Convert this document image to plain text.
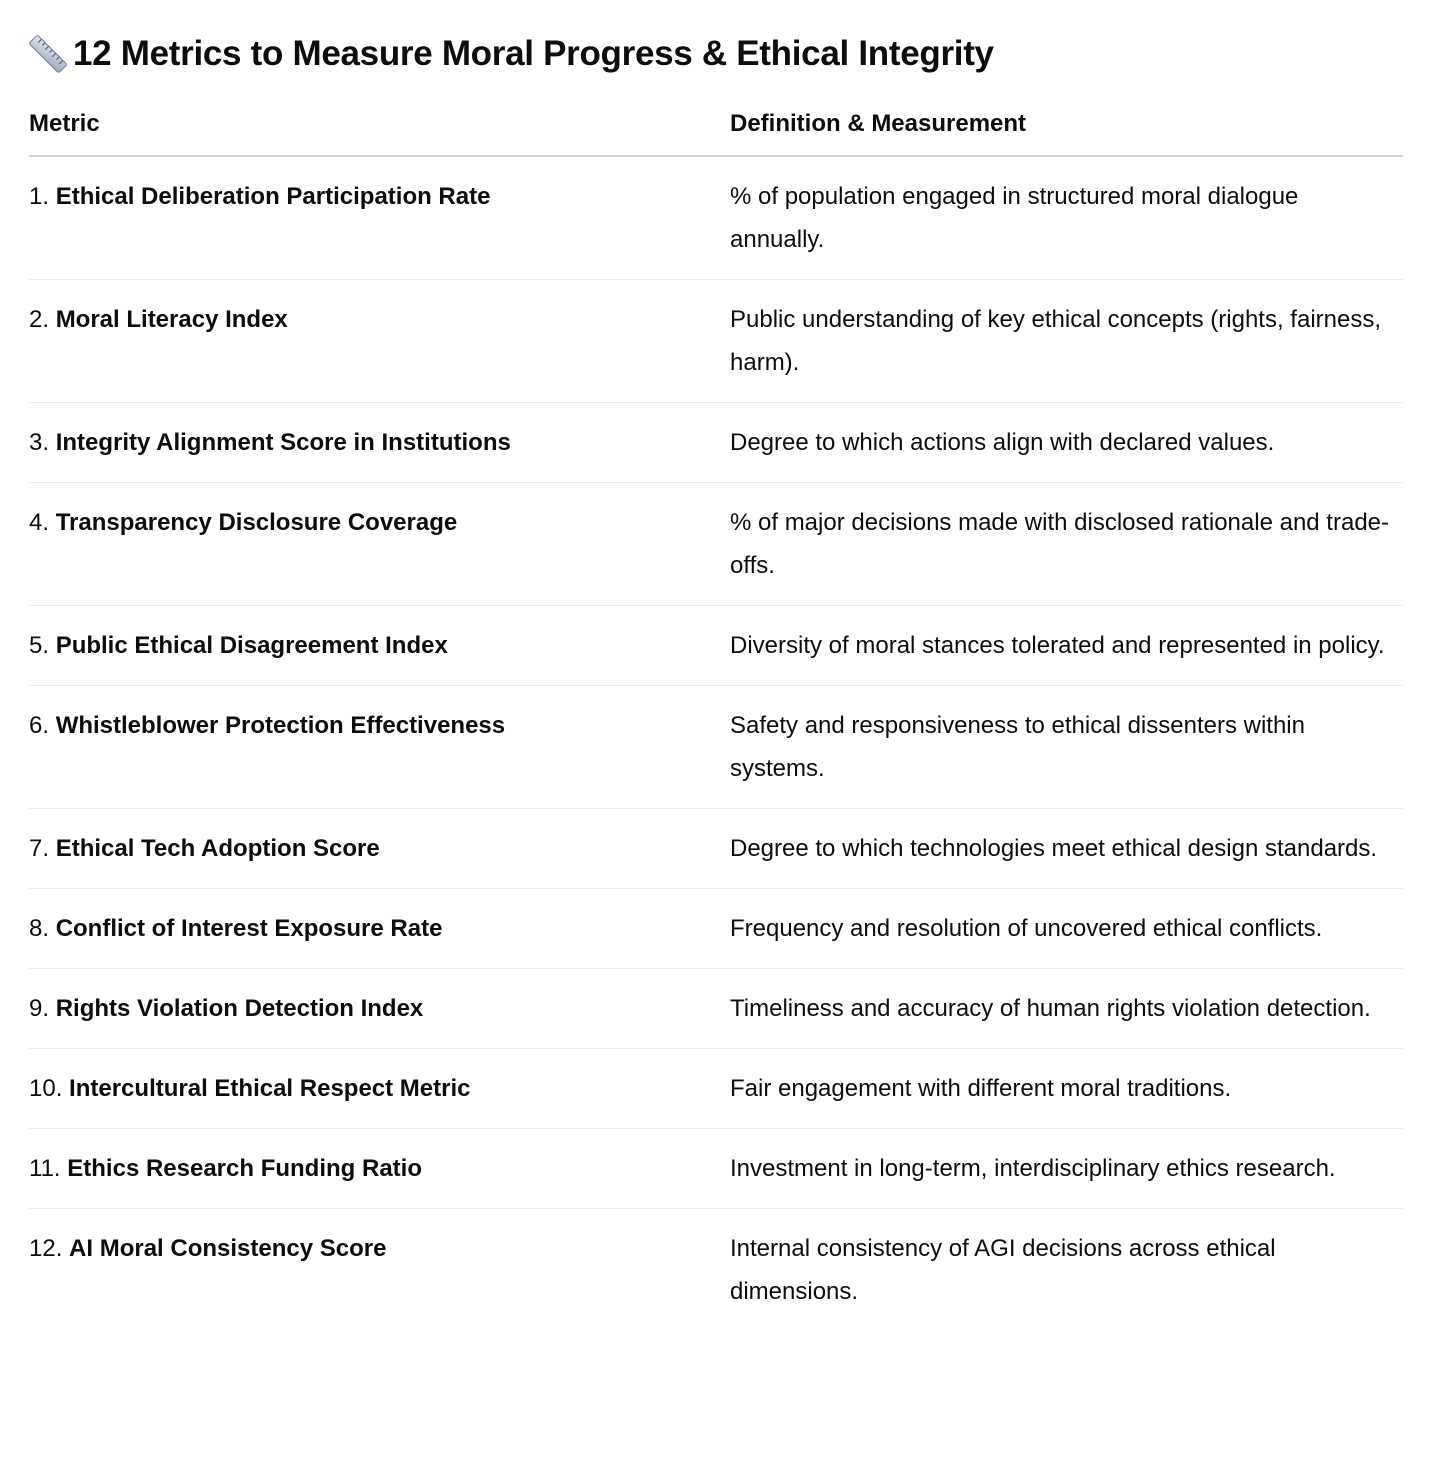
12 Metrics to Measure Moral Progress & Ethical Integrity
Metric	Definition & Measurement
1. Ethical Deliberation Participation Rate	% of population engaged in structured moral dialogue annually.
2. Moral Literacy Index	Public understanding of key ethical concepts (rights, fairness, harm).
3. Integrity Alignment Score in Institutions	Degree to which actions align with declared values.
4. Transparency Disclosure Coverage	% of major decisions made with disclosed rationale and trade-offs.
5. Public Ethical Disagreement Index	Diversity of moral stances tolerated and represented in policy.
6. Whistleblower Protection Effectiveness	Safety and responsiveness to ethical dissenters within systems.
7. Ethical Tech Adoption Score	Degree to which technologies meet ethical design standards.
8. Conflict of Interest Exposure Rate	Frequency and resolution of uncovered ethical conflicts.
9. Rights Violation Detection Index	Timeliness and accuracy of human rights violation detection.
10. Intercultural Ethical Respect Metric	Fair engagement with different moral traditions.
11. Ethics Research Funding Ratio	Investment in long-term, interdisciplinary ethics research.
12. AI Moral Consistency Score	Internal consistency of AGI decisions across ethical dimensions.
